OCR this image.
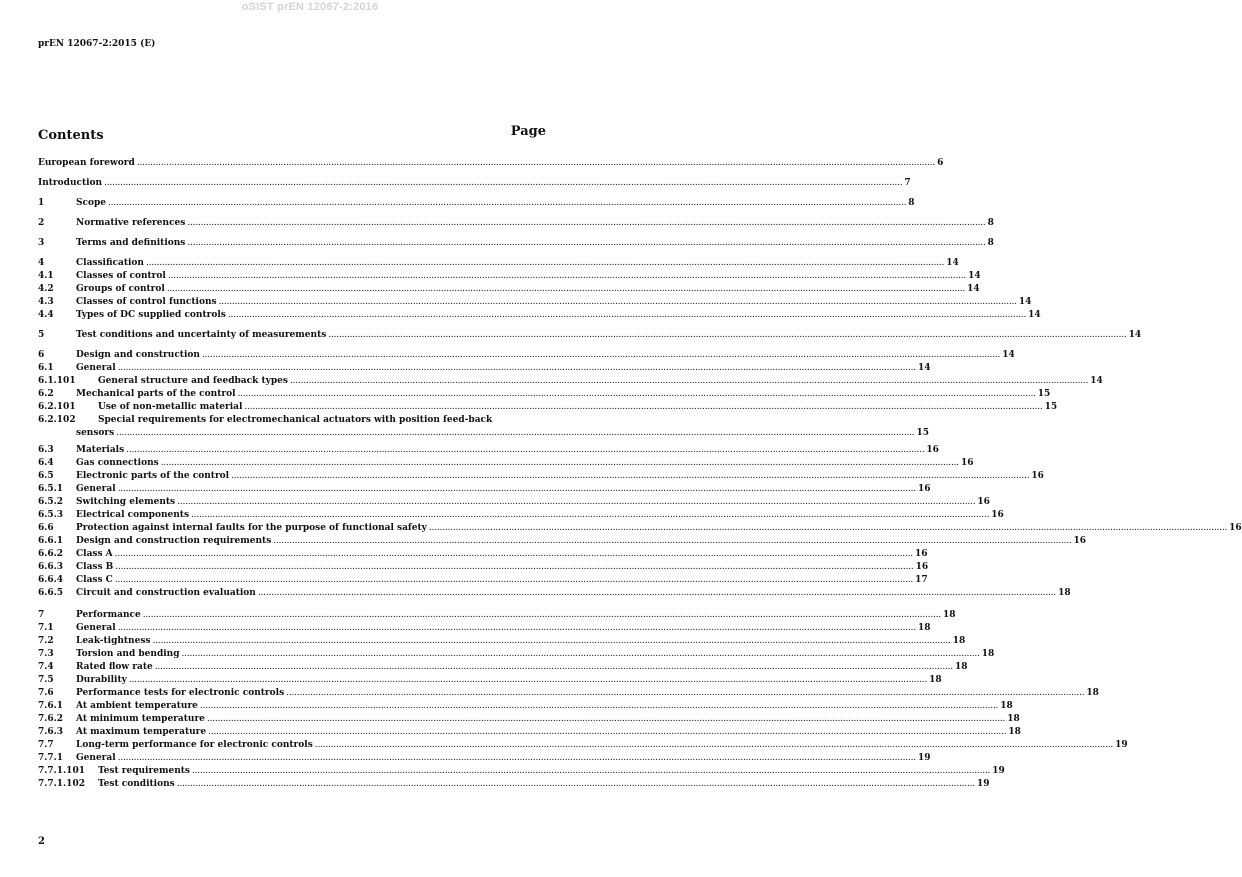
oSIST prEN 12067-2:2016
prEN 12067-2:2015 (E)
Contents	Page
European foreword ............................................................................................................................................................................................................................................................................................................ 6
Introduction ............................................................................................................................................................................................................................................................................................................ 7
1	Scope ............................................................................................................................................................................................................................................................................................................ 8
2	Normative references ............................................................................................................................................................................................................................................................................................................ 8
3	Terms and definitions ............................................................................................................................................................................................................................................................................................................ 8
4	Classification ............................................................................................................................................................................................................................................................................................................ 14
4.1 Classes of control ............................................................................................................................................................................................................................................................................................................ 14
4.2 Groups of control ............................................................................................................................................................................................................................................................................................................ 14
4.3 Classes of control functions ............................................................................................................................................................................................................................................................................................................ 14
4.4 Types of DC supplied controls ............................................................................................................................................................................................................................................................................................................ 14
5	Test conditions and uncertainty of measurements ............................................................................................................................................................................................................................................................................................................ 14
6	Design and construction ............................................................................................................................................................................................................................................................................................................ 14
6.1 General ............................................................................................................................................................................................................................................................................................................ 14
6.1.101 General structure and feedback types ............................................................................................................................................................................................................................................................................................................ 14
6.2 Mechanical parts of the control ............................................................................................................................................................................................................................................................................................................ 15
6.2.101 Use of non-metallic material ............................................................................................................................................................................................................................................................................................................ 15
6.2.102 Special requirements for electromechanical actuators with position feed-back
sensors ............................................................................................................................................................................................................................................................................................................ 15
6.3 Materials ............................................................................................................................................................................................................................................................................................................ 16
6.4 Gas connections ............................................................................................................................................................................................................................................................................................................ 16
6.5 Electronic parts of the control ............................................................................................................................................................................................................................................................................................................ 16
6.5.1 General ............................................................................................................................................................................................................................................................................................................ 16
6.5.2 Switching elements ............................................................................................................................................................................................................................................................................................................ 16
6.5.3 Electrical components ............................................................................................................................................................................................................................................................................................................ 16
6.6 Protection against internal faults for the purpose of functional safety ............................................................................................................................................................................................................................................................................................................ 16
6.6.1 Design and construction requirements ............................................................................................................................................................................................................................................................................................................ 16
6.6.2 Class A ............................................................................................................................................................................................................................................................................................................ 16
6.6.3 Class B ............................................................................................................................................................................................................................................................................................................ 16
6.6.4 Class C ............................................................................................................................................................................................................................................................................................................ 17
6.6.5 Circuit and construction evaluation ............................................................................................................................................................................................................................................................................................................ 18
7	Performance ............................................................................................................................................................................................................................................................................................................ 18
7.1 General ............................................................................................................................................................................................................................................................................................................ 18
7.2 Leak-tightness ............................................................................................................................................................................................................................................................................................................ 18
7.3 Torsion and bending ............................................................................................................................................................................................................................................................................................................ 18
7.4 Rated flow rate ............................................................................................................................................................................................................................................................................................................ 18
7.5 Durability ............................................................................................................................................................................................................................................................................................................ 18
7.6 Performance tests for electronic controls ............................................................................................................................................................................................................................................................................................................ 18
7.6.1 At ambient temperature ............................................................................................................................................................................................................................................................................................................ 18
7.6.2 At minimum temperature ............................................................................................................................................................................................................................................................................................................ 18
7.6.3 At maximum temperature ............................................................................................................................................................................................................................................................................................................ 18
7.7 Long-term performance for electronic controls ............................................................................................................................................................................................................................................................................................................ 19
7.7.1 General ............................................................................................................................................................................................................................................................................................................ 19
7.7.1.101 Test requirements ............................................................................................................................................................................................................................................................................................................ 19
7.7.1.102 Test conditions ............................................................................................................................................................................................................................................................................................................ 19
2
